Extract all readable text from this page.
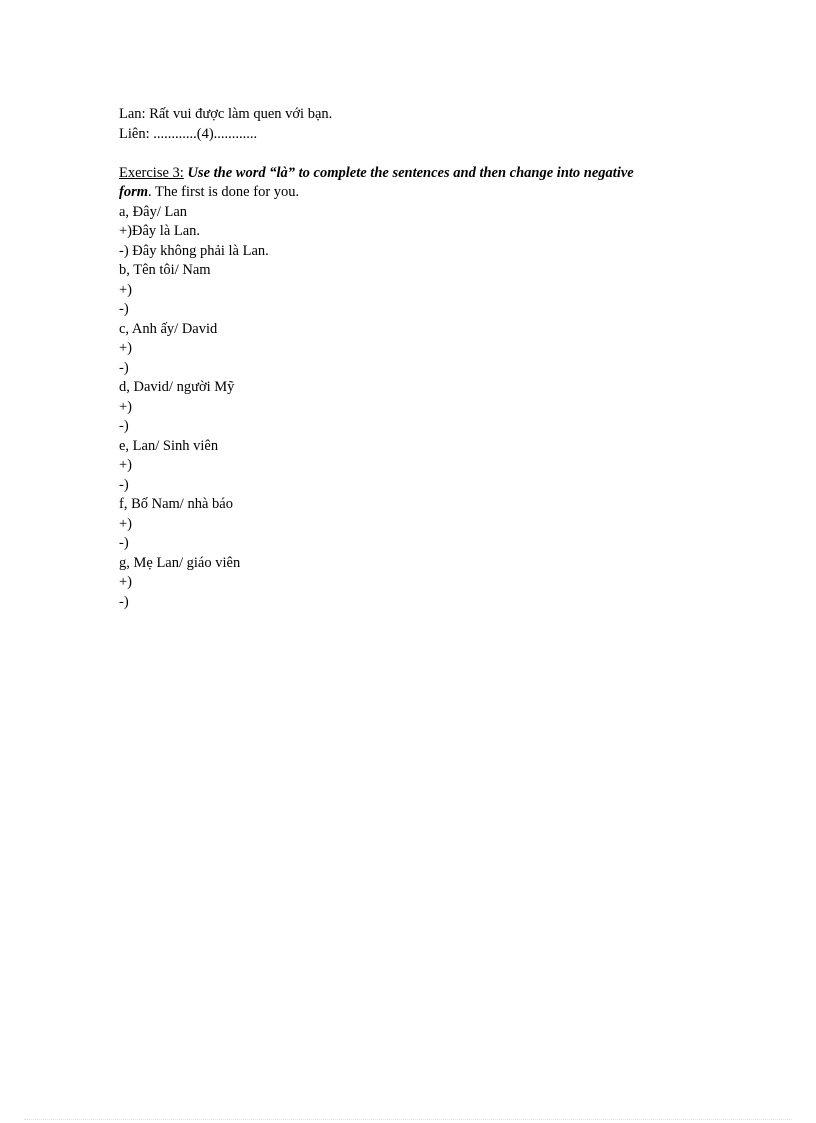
Lan: Rất vui được làm quen với bạn.
Liên: ............(4)............
Exercise 3: Use the word “là” to complete the sentences and then change into negative
form. The first is done for you.
a, Đây/ Lan
+)Đây là Lan.
-) Đây không phải là Lan.
b, Tên tôi/ Nam
+)
-)
c, Anh ấy/ David
+)
-)
d, David/ người Mỹ
+)
-)
e, Lan/ Sinh viên
+)
-)
f, Bố Nam/ nhà báo
+)
-)
g, Mẹ Lan/ giáo viên
+)
-)
